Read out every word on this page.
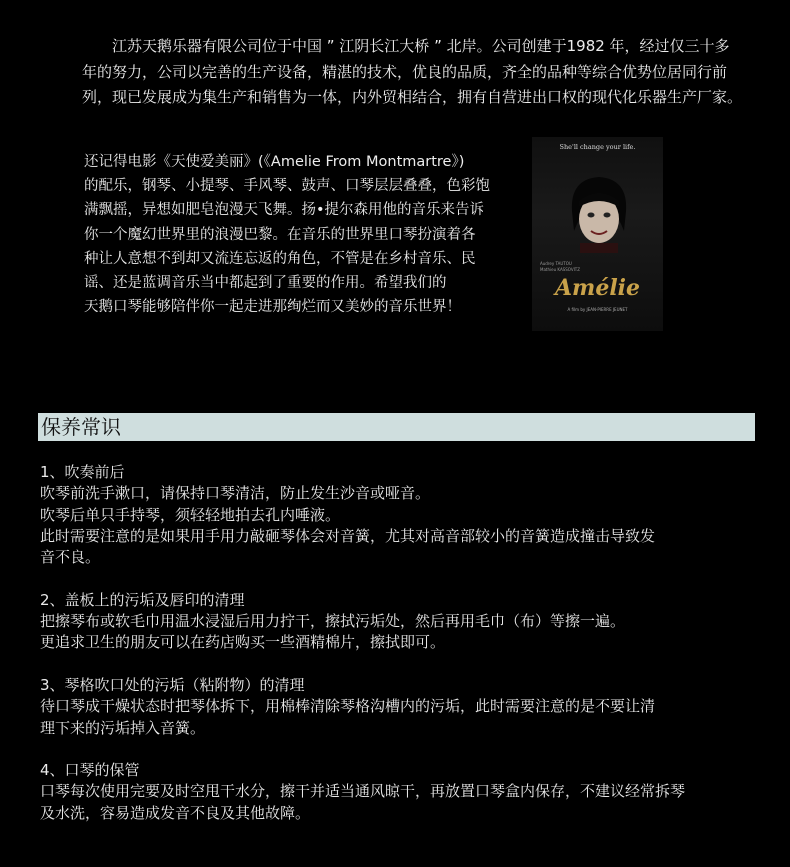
江苏天鹅乐器有限公司位于中国 ” 江阴长江大桥 ” 北岸。公司创建于1982 年，经过仅三十多年的努力，公司以完善的生产设备，精湛的技术，优良的品质，齐全的品种等综合优势位居同行前列，现已发展成为集生产和销售为一体，内外贸相结合，拥有自营进出口权的现代化乐器生产厂家。

还记得电影《天使爱美丽》(《Amelie From Montmartre》)
的配乐，钢琴、小提琴、手风琴、鼓声、口琴层层叠叠，色彩饱
满飘摇，异想如肥皂泡漫天飞舞。扬•提尔森用他的音乐来告诉
你一个魔幻世界里的浪漫巴黎。在音乐的世界里口琴扮演着各
种让人意想不到却又流连忘返的角色，不管是在乡村音乐、民
谣、还是蓝调音乐当中都起到了重要的作用。希望我们的
天鹅口琴能够陪伴你一起走进那绚烂而又美妙的音乐世界！
She'll change your life.
Audrey TAUTOU
Mathieu KASSOVITZ
Amélie
A film by JEAN-PIERRE JEUNET
保养常识
1、吹奏前后
吹琴前洗手漱口，请保持口琴清洁，防止发生沙音或哑音。
吹琴后单只手持琴，须轻轻地拍去孔内唾液。
此时需要注意的是如果用手用力敲砸琴体会对音簧，尤其对高音部较小的音簧造成撞击导致发
音不良。
2、盖板上的污垢及唇印的清理
把擦琴布或软毛巾用温水浸湿后用力拧干，擦拭污垢处，然后再用毛巾（布）等擦一遍。
更追求卫生的朋友可以在药店购买一些酒精棉片，擦拭即可。
3、琴格吹口处的污垢（粘附物）的清理
待口琴成干燥状态时把琴体拆下，用棉棒清除琴格沟槽内的污垢，此时需要注意的是不要让清
理下来的污垢掉入音簧。
4、口琴的保管
口琴每次使用完要及时空甩干水分，擦干并适当通风晾干，再放置口琴盒内保存，不建议经常拆琴
及水洗，容易造成发音不良及其他故障。
